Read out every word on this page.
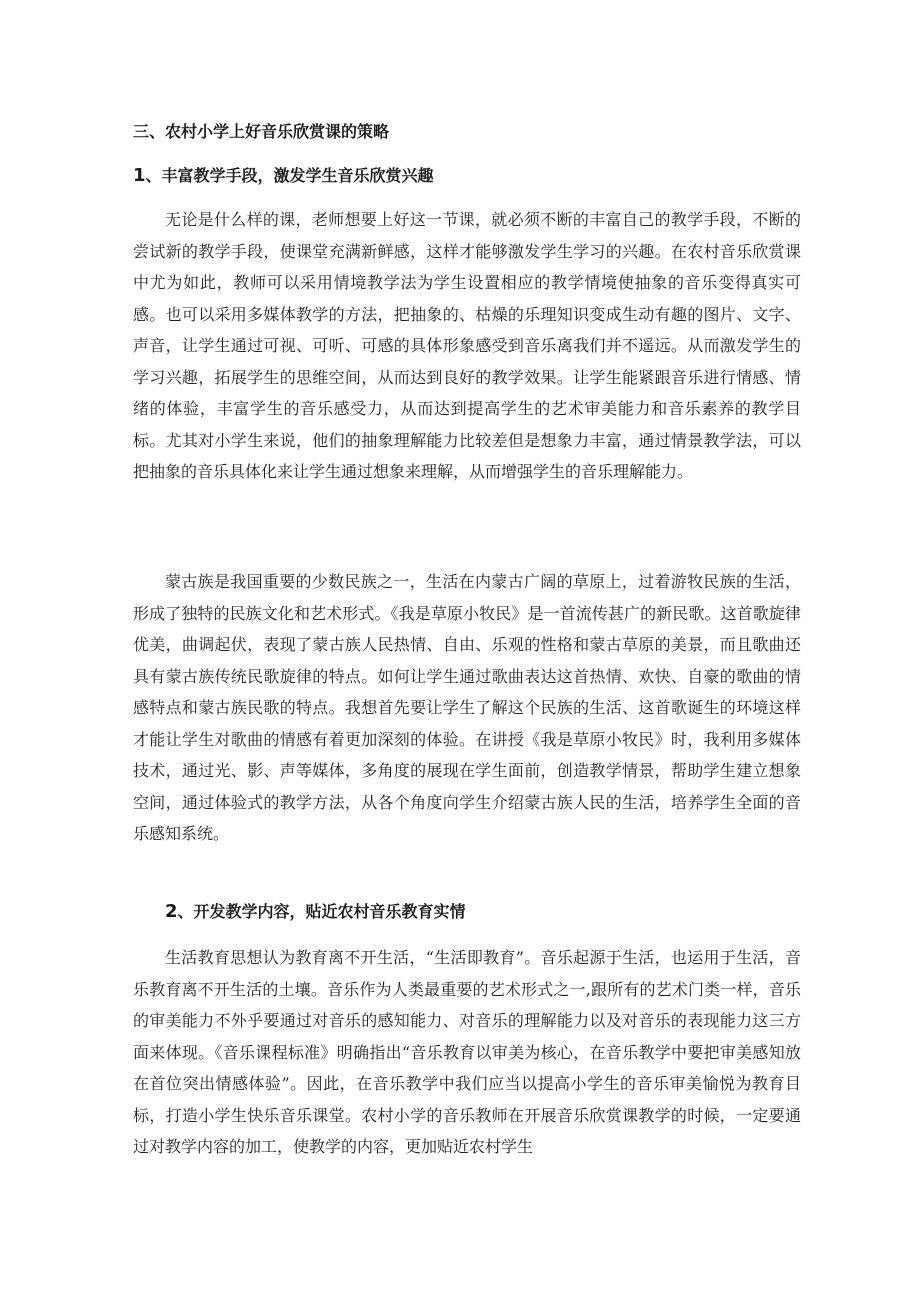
三、农村小学上好音乐欣赏课的策略
1、丰富教学手段，激发学生音乐欣赏兴趣

无论是什么样的课，老师想要上好这一节课，就必须不断的丰富自己的教学手段，不断的尝试新的教学手段，使课堂充满新鲜感，这样才能够激发学生学习的兴趣。在农村音乐欣赏课中尤为如此，教师可以采用情境教学法为学生设置相应的教学情境使抽象的音乐变得真实可感。也可以采用多媒体教学的方法，把抽象的、枯燥的乐理知识变成生动有趣的图片、文字、声音，让学生通过可视、可听、可感的具体形象感受到音乐离我们并不遥远。从而激发学生的学习兴趣，拓展学生的思维空间，从而达到良好的教学效果。让学生能紧跟音乐进行情感、情绪的体验，丰富学生的音乐感受力，从而达到提高学生的艺术审美能力和音乐素养的教学目标。尤其对小学生来说，他们的抽象理解能力比较差但是想象力丰富，通过情景教学法，可以把抽象的音乐具体化来让学生通过想象来理解，从而增强学生的音乐理解能力。

蒙古族是我国重要的少数民族之一，生活在内蒙古广阔的草原上，过着游牧民族的生活，形成了独特的民族文化和艺术形式。《我是草原小牧民》是一首流传甚广的新民歌。这首歌旋律优美，曲调起伏，表现了蒙古族人民热情、自由、乐观的性格和蒙古草原的美景，而且歌曲还具有蒙古族传统民歌旋律的特点。如何让学生通过歌曲表达这首热情、欢快、自豪的歌曲的情感特点和蒙古族民歌的特点。我想首先要让学生了解这个民族的生活、这首歌诞生的环境这样才能让学生对歌曲的情感有着更加深刻的体验。在讲授《我是草原小牧民》时，我利用多媒体技术，通过光、影、声等媒体，多角度的展现在学生面前，创造教学情景，帮助学生建立想象空间，通过体验式的教学方法，从各个角度向学生介绍蒙古族人民的生活，培养学生全面的音乐感知系统。

2、开发教学内容，贴近农村音乐教育实情

生活教育思想认为教育离不开生活，“生活即教育”。音乐起源于生活，也运用于生活，音乐教育离不开生活的土壤。音乐作为人类最重要的艺术形式之一,跟所有的艺术门类一样，音乐的审美能力不外乎要通过对音乐的感知能力、对音乐的理解能力以及对音乐的表现能力这三方面来体现。《音乐课程标准》明确指出“音乐教育以审美为核心，在音乐教学中要把审美感知放在首位突出情感体验”。因此，在音乐教学中我们应当以提高小学生的音乐审美愉悦为教育目标，打造小学生快乐音乐课堂。农村小学的音乐教师在开展音乐欣赏课教学的时候，一定要通过对教学内容的加工，使教学的内容，更加贴近农村学生
